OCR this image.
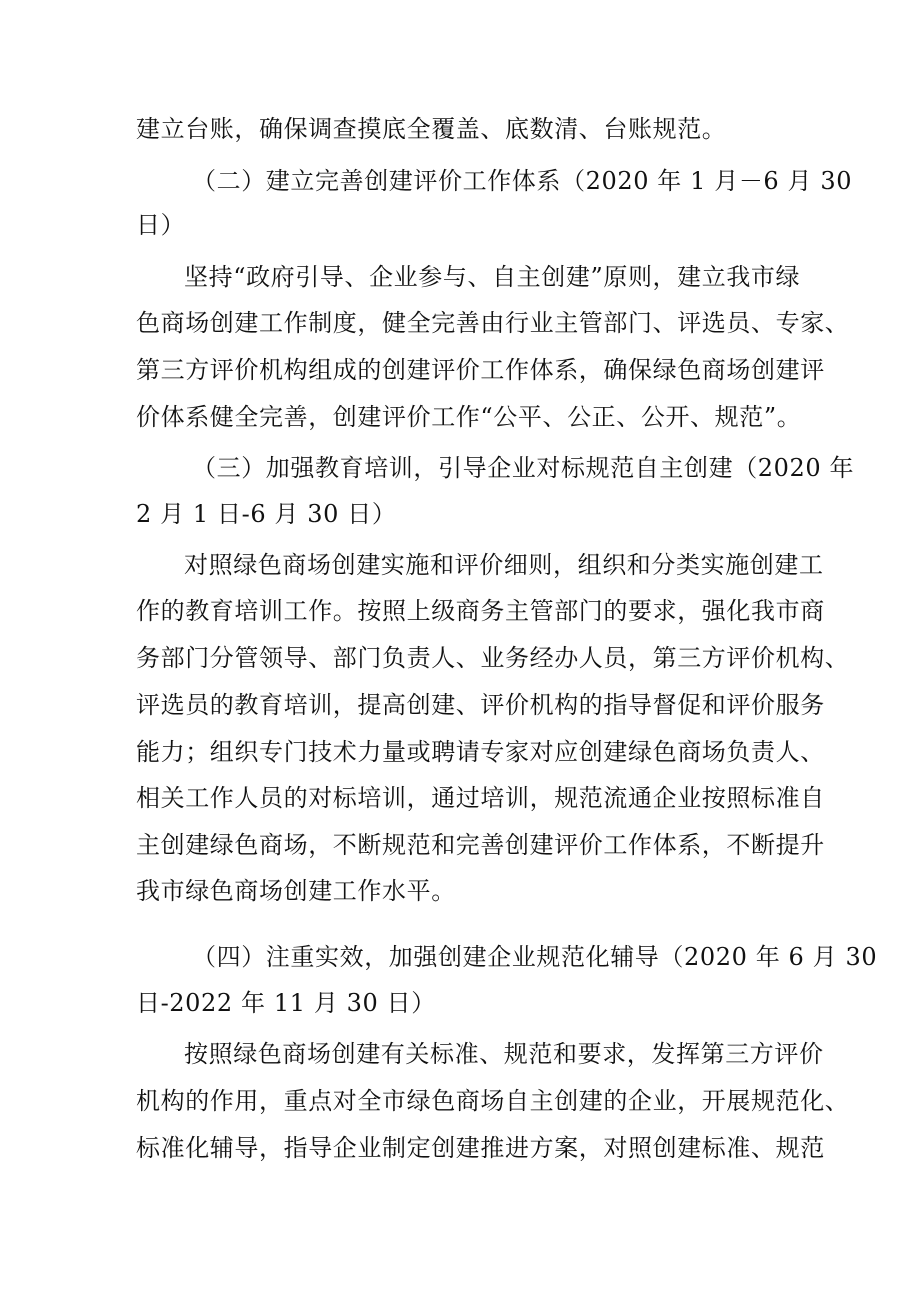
建立台账，确保调查摸底全覆盖、底数清、台账规范。
（二）建立完善创建评价工作体系（2020 年 1 月－6 月 30
日）
坚持“政府引导、企业参与、自主创建”原则，建立我市绿
色商场创建工作制度，健全完善由行业主管部门、评选员、专家、
第三方评价机构组成的创建评价工作体系，确保绿色商场创建评
价体系健全完善，创建评价工作“公平、公正、公开、规范”。
（三）加强教育培训，引导企业对标规范自主创建（2020 年
2 月 1 日-6 月 30 日）
对照绿色商场创建实施和评价细则，组织和分类实施创建工
作的教育培训工作。按照上级商务主管部门的要求，强化我市商
务部门分管领导、部门负责人、业务经办人员，第三方评价机构、
评选员的教育培训，提高创建、评价机构的指导督促和评价服务
能力；组织专门技术力量或聘请专家对应创建绿色商场负责人、
相关工作人员的对标培训，通过培训，规范流通企业按照标准自
主创建绿色商场，不断规范和完善创建评价工作体系，不断提升
我市绿色商场创建工作水平。
（四）注重实效，加强创建企业规范化辅导（2020 年 6 月 30
日-2022 年 11 月 30 日）
按照绿色商场创建有关标准、规范和要求，发挥第三方评价
机构的作用，重点对全市绿色商场自主创建的企业，开展规范化、
标准化辅导，指导企业制定创建推进方案，对照创建标准、规范
